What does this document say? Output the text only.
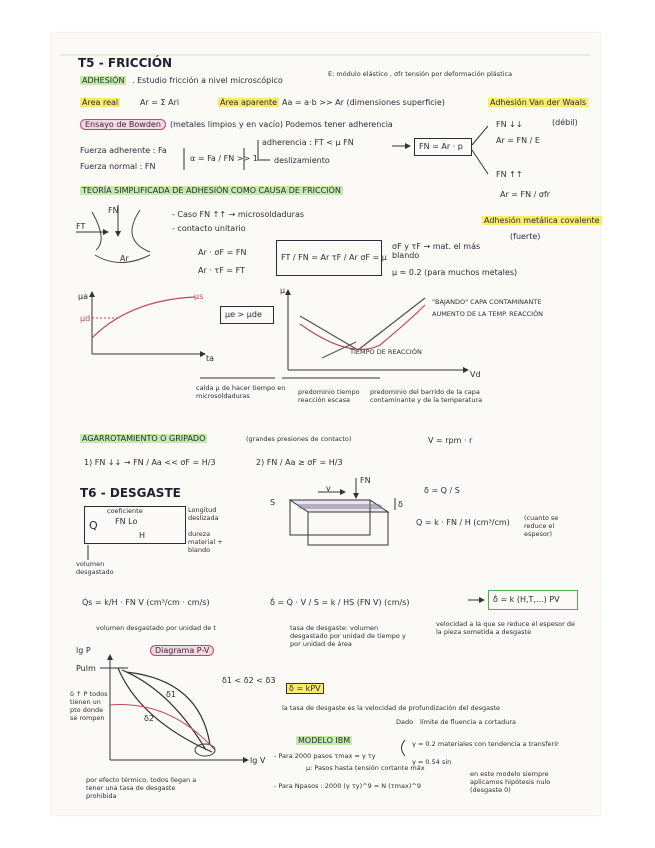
T5 - FRICCIÓN
ADHESIÓN . Estudio fricción a nivel microscópico
E: módulo elástico , σfr tensión por deformación plástica
Área real	Ar = Σ Ari	Área aparente Aa = a·b >> Ar (dimensiones superficie)	Adhesión Van der Waals
FN ↓↓	(débil)
Ar = FN / E
FN ↑↑
Ar = FN / σfr
Ensayo de Bowden	(metales limpios y en vacío) Podemos tener adherencia
Fuerza adherente : Fa
Fuerza normal : FN
α = Fa / FN >> 1
adherencia : FT < μ FN
deslizamiento
FN = Ar · p
TEORÍA SIMPLIFICADA DE ADHESIÓN COMO CAUSA DE FRICCIÓN
Adhesión metálica covalente
(fuerte)
FN
FT
Ar
- Caso FN ↑↑ → microsoldaduras
- contacto unitario
Ar · σF = FN
Ar · τF = FT
FT / FN = Ar τF / Ar σF = μ
σF y τF → mat. el más blando
μ ≈ 0.2 (para muchos metales)
μa	μs
μd	μe > μde
ta
μ
Vd
"BAJANDO" CAPA CONTAMINANTE
AUMENTO DE LA TEMP. REACCIÓN
TIEMPO DE REACCIÓN
caída μ de hacer tiempo en microsoldaduras	predominio tiempo reacción escasa
predominio del barrido de la capa contaminante y de la temperatura
AGARROTAMIENTO O GRIPADO	(grandes presiones de contacto)	V = rpm · r
1) FN ↓↓ → FN / Aa << σF = H/3	2) FN / Aa ≥ σF = H/3
T6 - DESGASTE
Q
coeficiente
FN Lo
H
Longitud deslizada
dureza material + blando
volumen desgastado
S
v
FN
δ
δ = Q / S
Q = k · FN / H (cm³/cm) (cuanto se reduce el espesor)
Q̇s = k/H · FN V (cm³/cm · cm/s)
volumen desgastado por unidad de t
δ̇ = Q̇ · V / S = k / HS (FN V) (cm/s)	δ̇ = k (H,T,...) PV
tasa de desgaste: volumen desgastado por unidad de tiempo y por unidad de área
velocidad a la que se reduce el espesor de la pieza sometida a desgaste
lg P	Diagrama P-V
δ1 < δ2 < δ3
Pulm
δ1
δ2
δ ↑ P todos tienen un pto donde se rompen
lg V
por efecto térmico, todos llegan a tener una tasa de desgaste prohibida
δ = kPV
la tasa de desgaste es la velocidad de profundización del desgaste
MODELO IBM
Dado límite de fluencia a cortadura
- Para 2000 pasos τmax ≈ γ τy
μ: Pasos hasta tensión cortante máx
γ = 0.2 materiales con tendencia a transferir
γ = 0.54 sin
en este modelo siempre aplicamos hipótesis nulo (desgaste 0)
- Para Npasos : 2000 (γ τy)^9 = N (τmax)^9
